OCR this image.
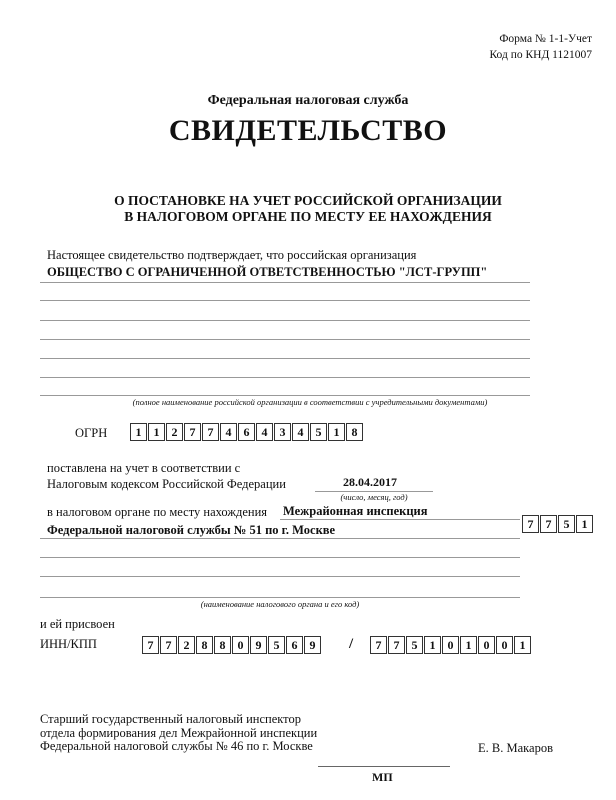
Форма № 1-1-Учет
Код по КНД 1121007
Федеральная налоговая служба
СВИДЕТЕЛЬСТВО
О ПОСТАНОВКЕ НА УЧЕТ РОССИЙСКОЙ ОРГАНИЗАЦИИ
В НАЛОГОВОМ ОРГАНЕ ПО МЕСТУ ЕЕ НАХОЖДЕНИЯ
Настоящее свидетельство подтверждает, что российская организация
ОБЩЕСТВО С ОГРАНИЧЕННОЙ ОТВЕТСТВЕННОСТЬЮ "ЛСТ-ГРУПП"
(полное наименование российской организации в соответствии с учредительными документами)
ОГРН	1	1	2	7	7	4	6	4	3	4	5	1	8
поставлена на учет в соответствии с
Налоговым кодексом Российской Федерации	28.04.2017
(число, месяц, год)
в налоговом органе по месту нахождения Межрайонная инспекция
Федеральной налоговой службы № 51 по г. Москве	7	7	5	1
(наименование налогового органа и его код)
и ей присвоен
ИНН/КПП	7	7	2	8	8	0	9	5	6	9	/	7	7	5	1	0	1	0	0	1
Старший государственный налоговый инспектор
отдела формирования дел Межрайонной инспекции
Федеральной налоговой службы № 46 по г. Москве	Е. В. Макаров
МП
